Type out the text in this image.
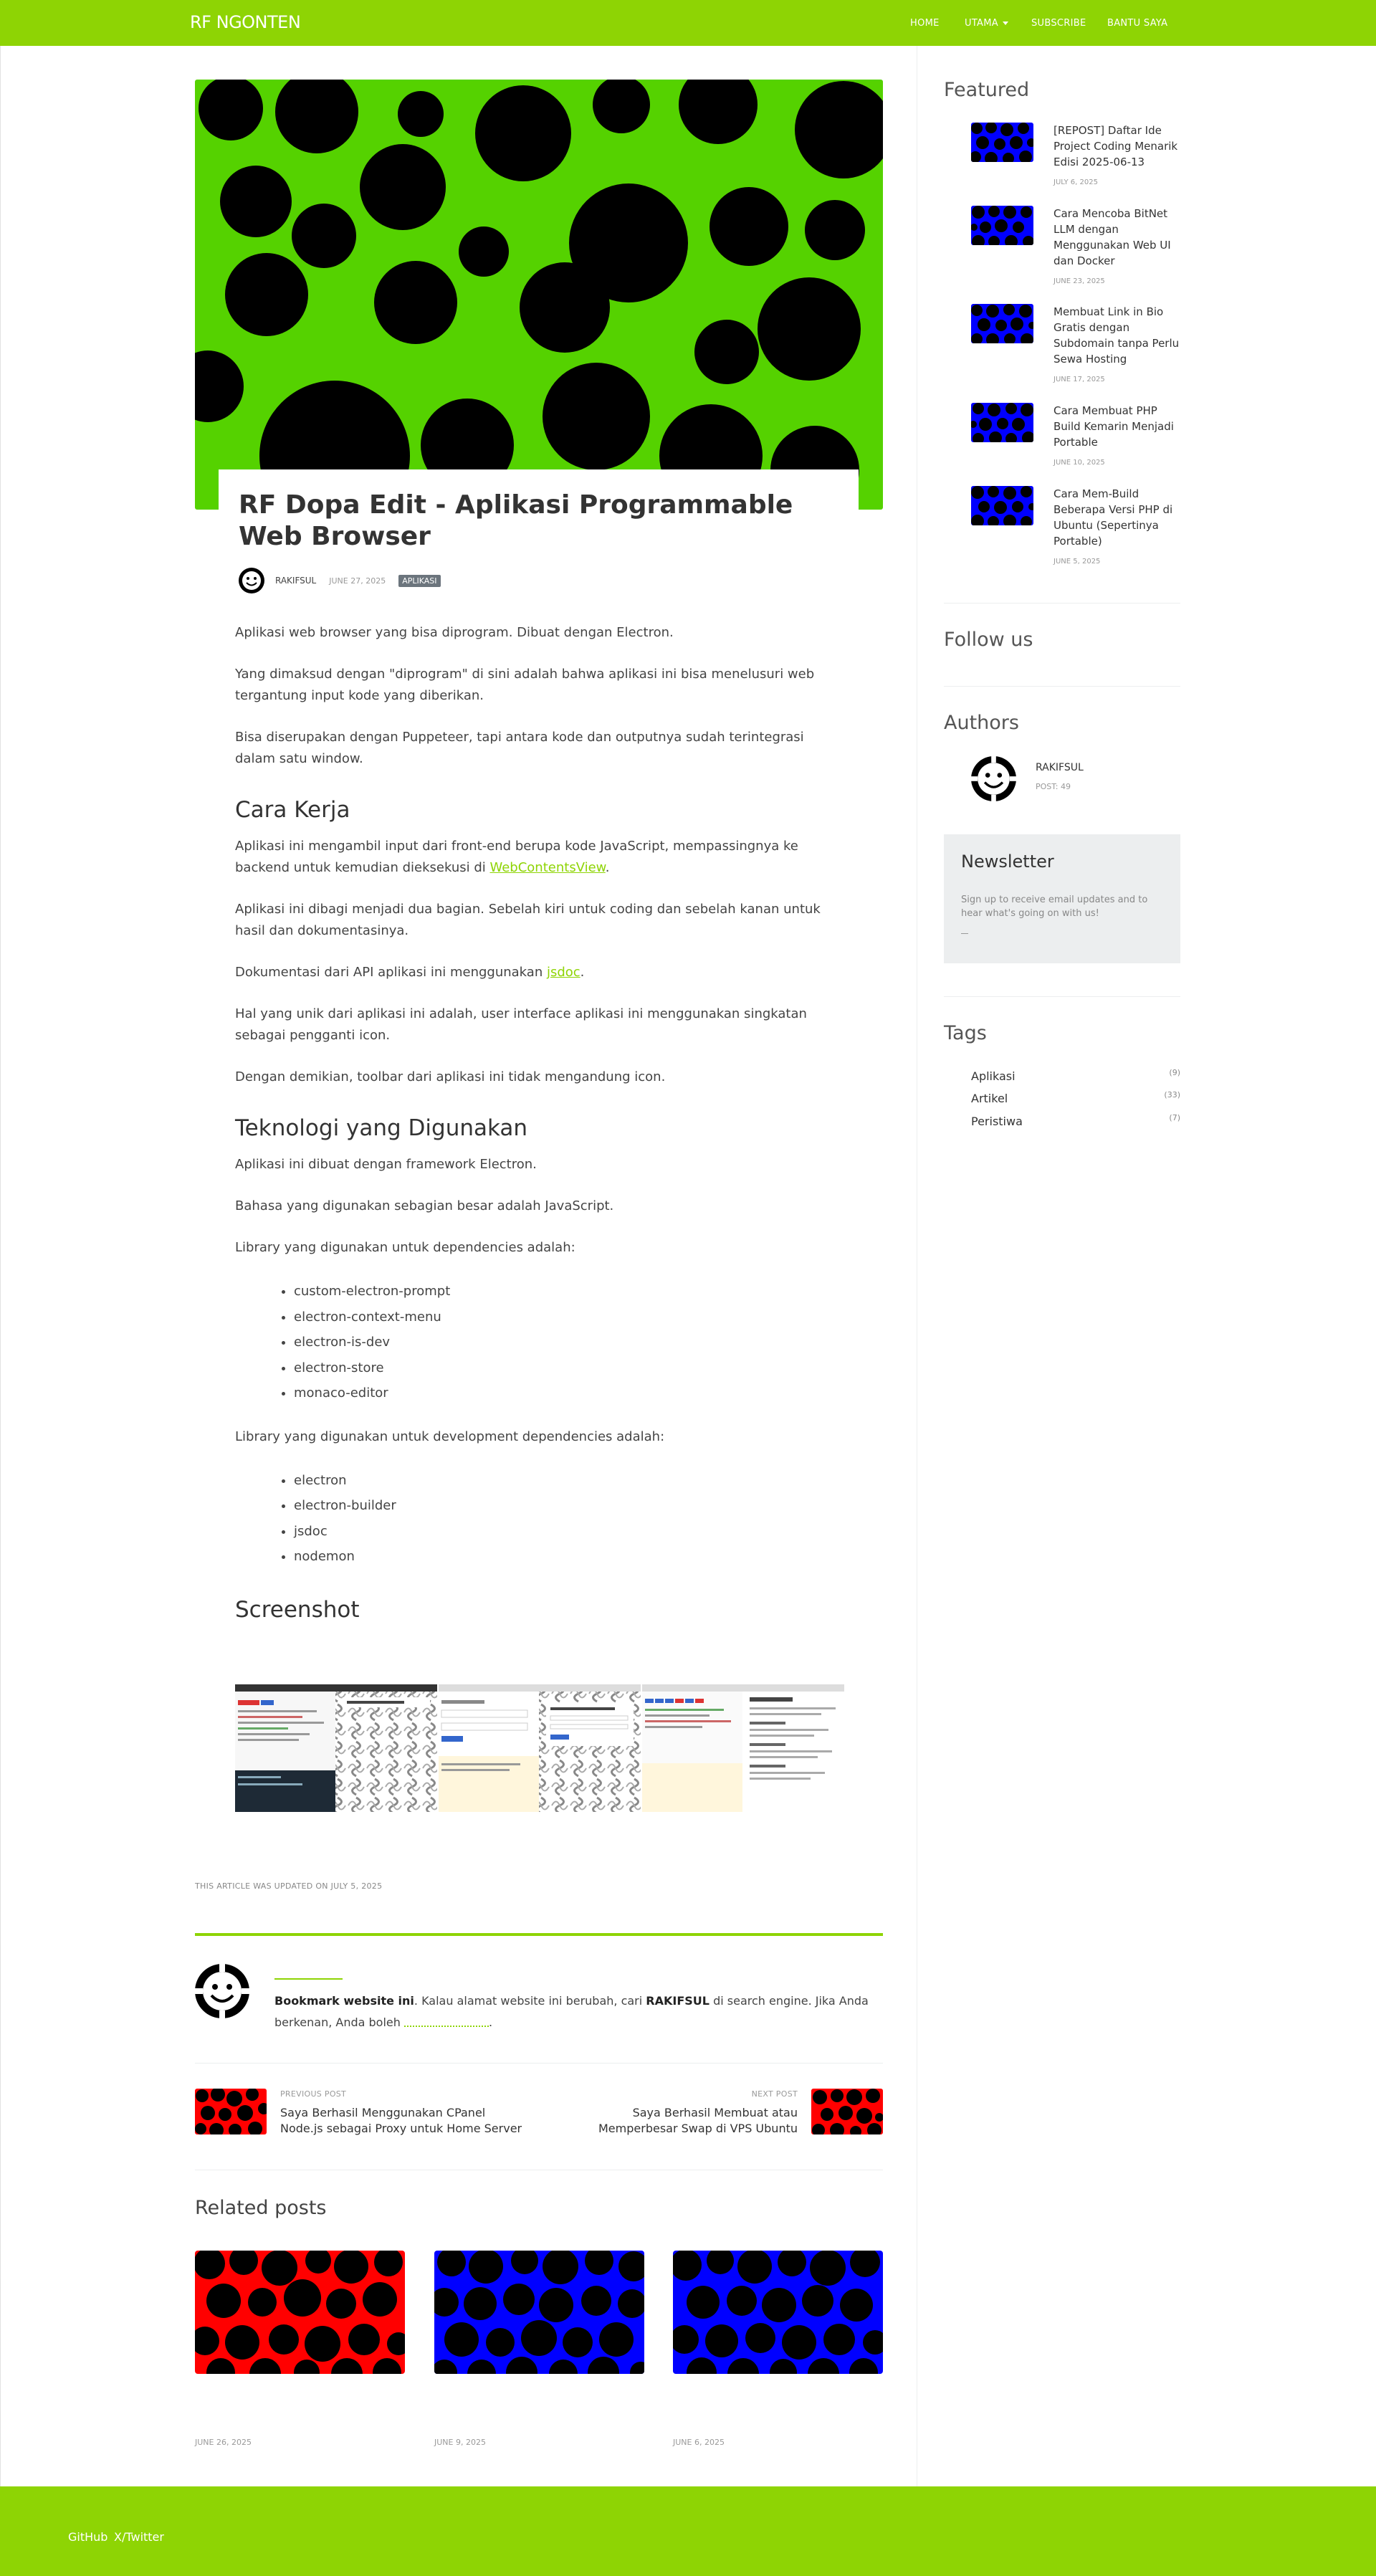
RF NGONTEN	HOME	UTAMA	SUBSCRIBE BANTU SAYA
RF Dopa Edit - Aplikasi Programmable Web Browser
RAKIFSUL JUNE 27, 2025	APLIKASI

Aplikasi web browser yang bisa diprogram. Dibuat dengan Electron.

Yang dimaksud dengan "diprogram" di sini adalah bahwa aplikasi ini bisa menelusuri web tergantung input kode yang diberikan.

Bisa diserupakan dengan Puppeteer, tapi antara kode dan outputnya sudah terintegrasi dalam satu window.

Cara Kerja

Aplikasi ini mengambil input dari front-end berupa kode JavaScript, mempassingnya ke backend untuk kemudian dieksekusi di WebContentsView.

Aplikasi ini dibagi menjadi dua bagian. Sebelah kiri untuk coding dan sebelah kanan untuk hasil dan dokumentasinya.

Dokumentasi dari API aplikasi ini menggunakan jsdoc.

Hal yang unik dari aplikasi ini adalah, user interface aplikasi ini menggunakan singkatan sebagai pengganti icon.

Dengan demikian, toolbar dari aplikasi ini tidak mengandung icon.

Teknologi yang Digunakan

Aplikasi ini dibuat dengan framework Electron.

Bahasa yang digunakan sebagian besar adalah JavaScript.

Library yang digunakan untuk dependencies adalah:

• custom-electron-prompt
• electron-context-menu
• electron-is-dev
• electron-store
• monaco-editor

Library yang digunakan untuk development dependencies adalah:

• electron
• electron-builder
• jsdoc
• nodemon
Screenshot
THIS ARTICLE WAS UPDATED ON JULY 5, 2025
Bookmark website ini. Kalau alamat website ini berubah, cari RAKIFSUL di search engine. Jika Anda berkenan, Anda boleh	.
PREVIOUS POST
Saya Berhasil Menggunakan CPanel Node.js sebagai Proxy untuk Home Server
NEXT POST
Saya Berhasil Membuat atau Memperbesar Swap di VPS Ubuntu
Related posts
JUNE 26, 2025	JUNE 9, 2025	JUNE 6, 2025
Featured
[REPOST] Daftar Ide Project Coding Menarik Edisi 2025-06-13
JULY 6, 2025
Cara Mencoba BitNet LLM dengan Menggunakan Web UI dan Docker
JUNE 23, 2025
Membuat Link in Bio Gratis dengan Subdomain tanpa Perlu Sewa Hosting
JUNE 17, 2025
Cara Membuat PHP Build Kemarin Menjadi Portable
JUNE 10, 2025
Cara Mem-Build Beberapa Versi PHP di Ubuntu (Sepertinya Portable)
JUNE 5, 2025
Follow us
Authors
RAKIFSUL
POST: 49
Newsletter
Sign up to receive email updates and to hear what's going on with us!
Tags
Aplikasi	(9)
Artikel	(33)
Peristiwa	(7)
GitHub X/Twitter
